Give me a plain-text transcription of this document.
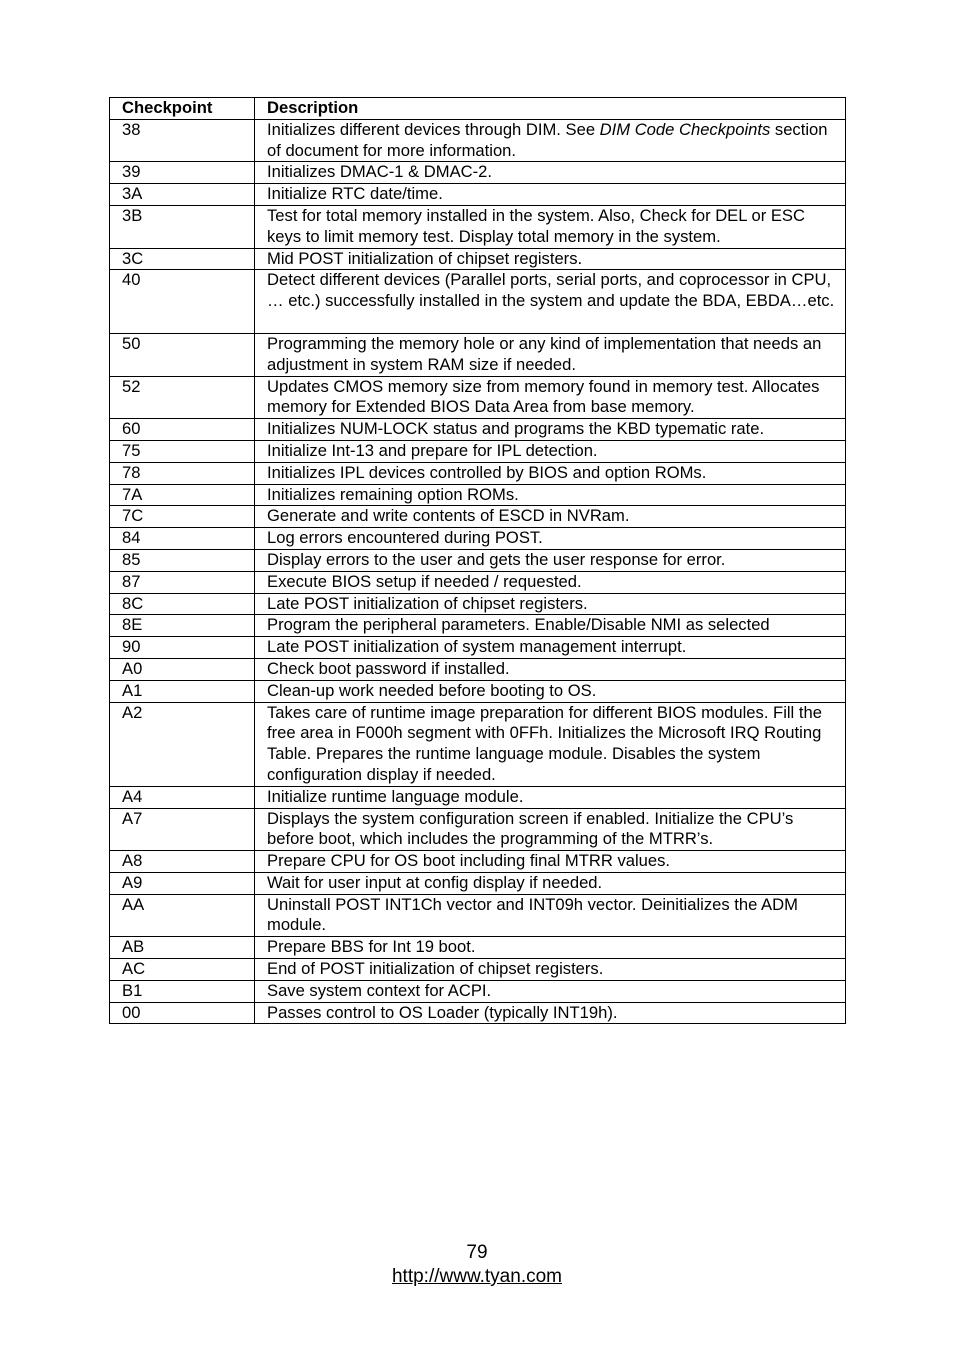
Checkpoint	Description
38	Initializes different devices through DIM. See DIM Code Checkpoints section of document for more information.
39	Initializes DMAC-1 & DMAC-2.
3A	Initialize RTC date/time.
3B	Test for total memory installed in the system. Also, Check for DEL or ESC keys to limit memory test. Display total memory in the system.
3C	Mid POST initialization of chipset registers.
40	Detect different devices (Parallel ports, serial ports, and coprocessor in CPU, … etc.) successfully installed in the system and update the BDA, EBDA…etc.
50	Programming the memory hole or any kind of implementation that needs an adjustment in system RAM size if needed.
52	Updates CMOS memory size from memory found in memory test. Allocates memory for Extended BIOS Data Area from base memory.
60	Initializes NUM-LOCK status and programs the KBD typematic rate.
75	Initialize Int-13 and prepare for IPL detection.
78	Initializes IPL devices controlled by BIOS and option ROMs.
7A	Initializes remaining option ROMs.
7C	Generate and write contents of ESCD in NVRam.
84	Log errors encountered during POST.
85	Display errors to the user and gets the user response for error.
87	Execute BIOS setup if needed / requested.
8C	Late POST initialization of chipset registers.
8E	Program the peripheral parameters. Enable/Disable NMI as selected
90	Late POST initialization of system management interrupt.
A0	Check boot password if installed.
A1	Clean-up work needed before booting to OS.
A2	Takes care of runtime image preparation for different BIOS modules. Fill the free area in F000h segment with 0FFh. Initializes the Microsoft IRQ Routing Table. Prepares the runtime language module. Disables the system configuration display if needed.
A4	Initialize runtime language module.
A7	Displays the system configuration screen if enabled. Initialize the CPU’s before boot, which includes the programming of the MTRR’s.
A8	Prepare CPU for OS boot including final MTRR values.
A9	Wait for user input at config display if needed.
AA	Uninstall POST INT1Ch vector and INT09h vector. Deinitializes the ADM module.
AB	Prepare BBS for Int 19 boot.
AC	End of POST initialization of chipset registers.
B1	Save system context for ACPI.
00	Passes control to OS Loader (typically INT19h).
79
http://www.tyan.com
